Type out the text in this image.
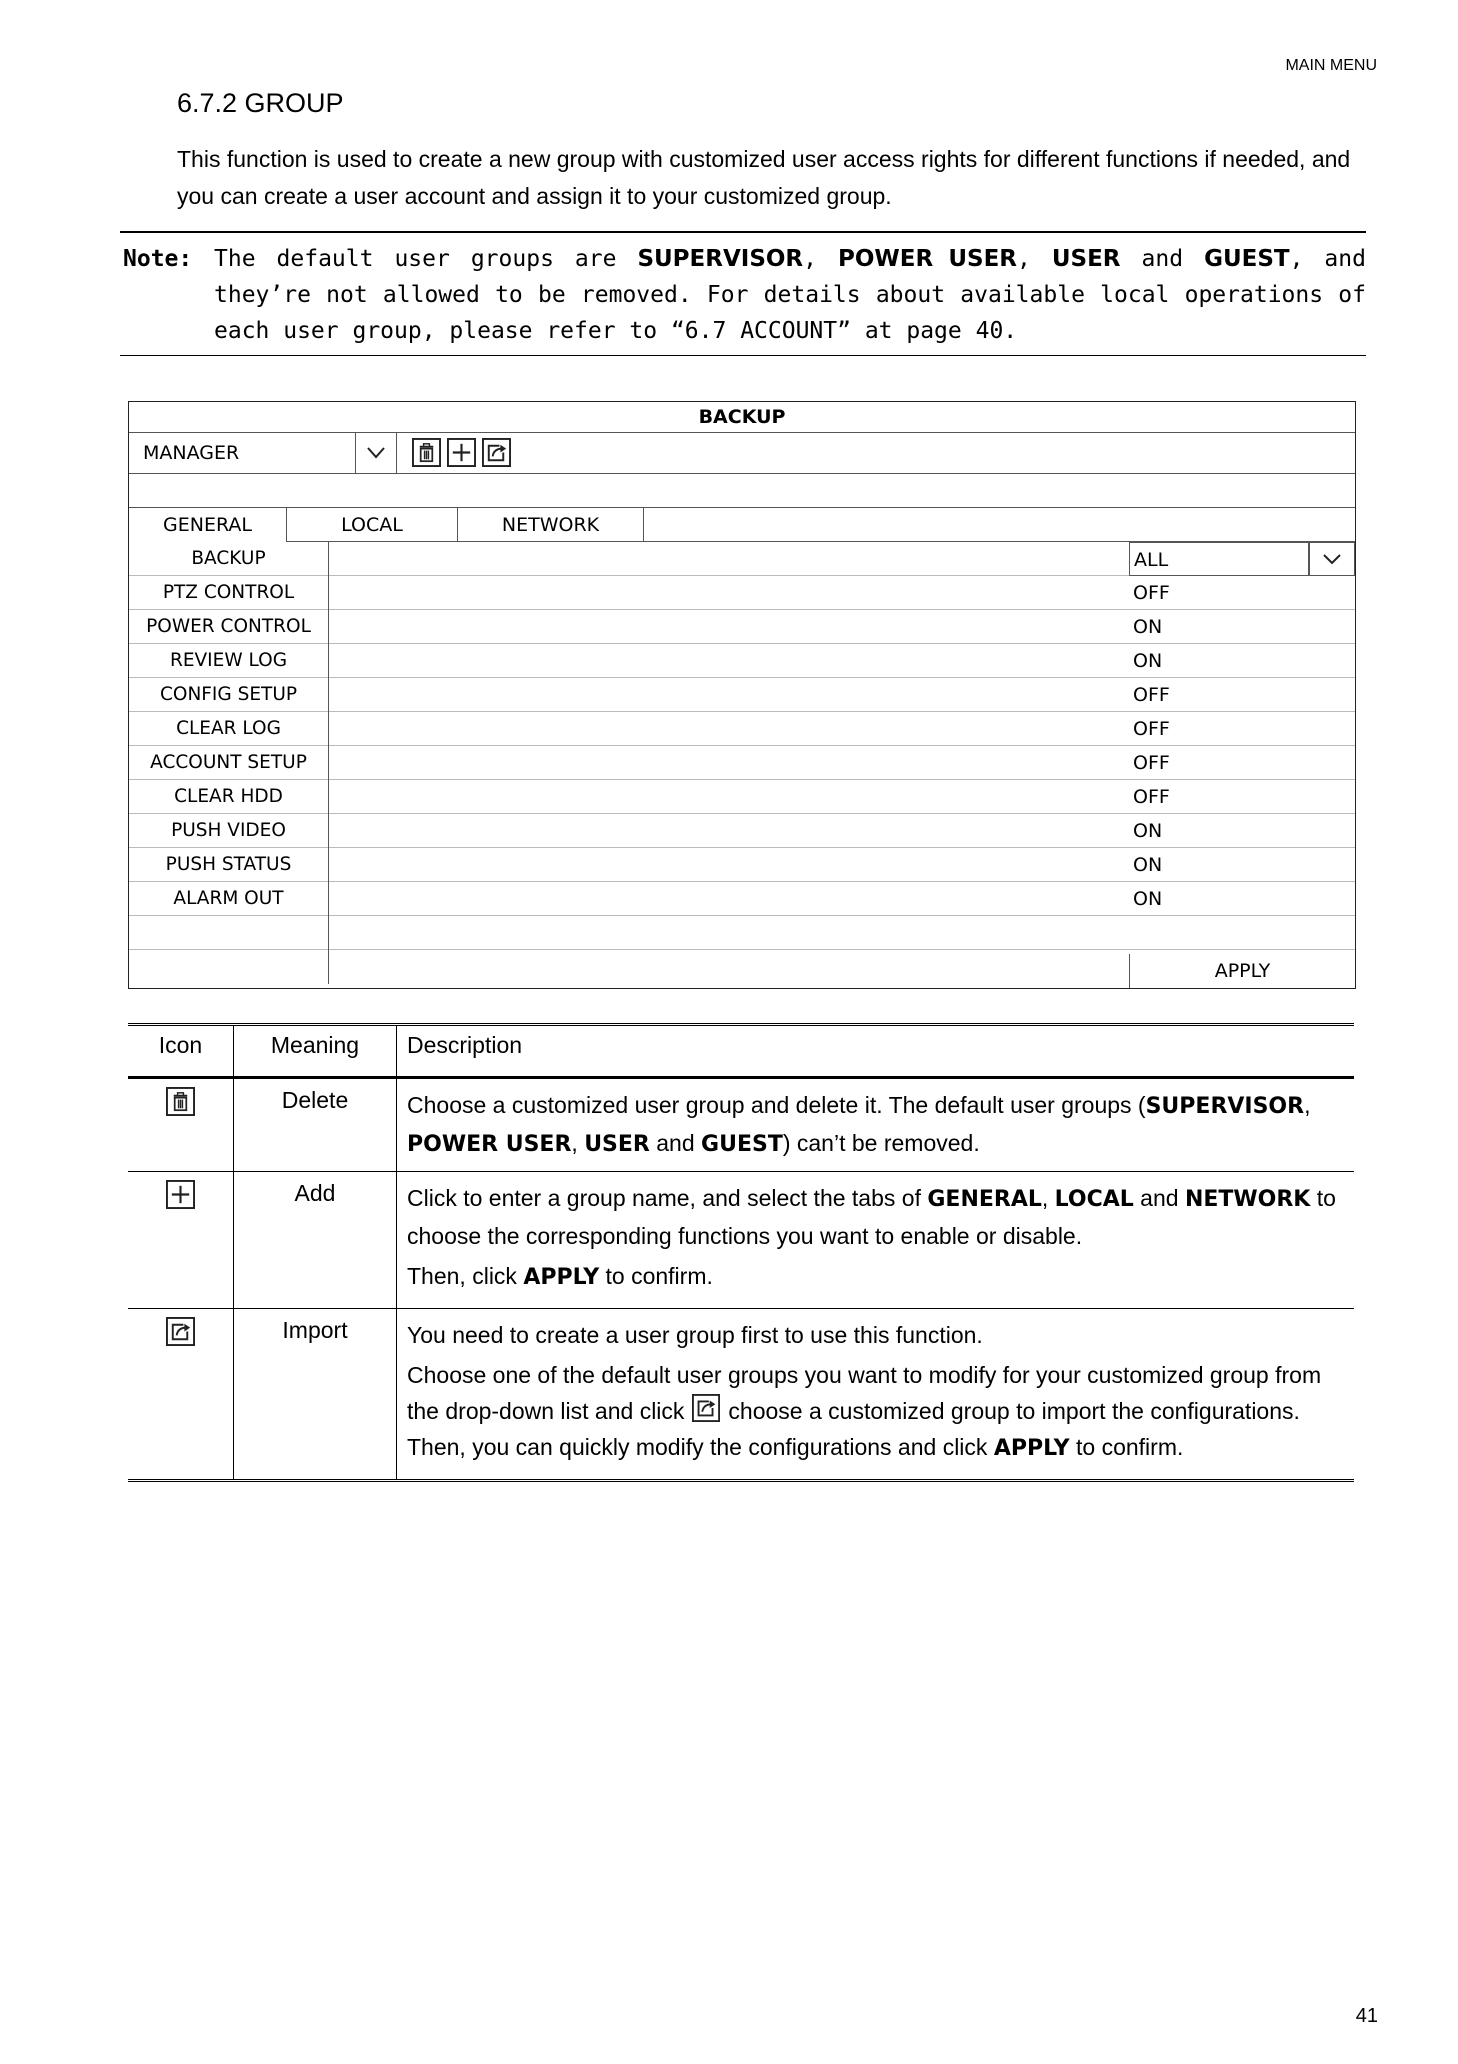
MAIN MENU
6.7.2 GROUP
This function is used to create a new group with customized user access rights for different functions if needed, and you can create a user account and assign it to your customized group.
Note: The default user groups are SUPERVISOR, POWER USER, USER and GUEST, and they’re not allowed to be removed. For details about available local operations of each user group, please refer to “6.7 ACCOUNT” at page 40.
BACKUP
MANAGER
GENERAL	LOCAL	NETWORK
BACKUP	ALL
PTZ CONTROL	OFF
POWER CONTROL	ON
REVIEW LOG	ON
CONFIG SETUP	OFF
CLEAR LOG	OFF
ACCOUNT SETUP	OFF
CLEAR HDD	OFF
PUSH VIDEO	ON
PUSH STATUS	ON
ALARM OUT	ON
APPLY
Icon	Meaning	Description
	Delete	Choose a customized user group and delete it. The default user groups (SUPERVISOR,
POWER USER, USER and GUEST) can’t be removed.
	Add	Click to enter a group name, and select the tabs of GENERAL, LOCAL and NETWORK to choose the corresponding functions you want to enable or disable.

Then, click APPLY to confirm.

	Import	You need to create a user group first to use this function.

Choose one of the default user groups you want to modify for your customized group from the drop-down list and click choose a customized group to import the configurations. Then, you can quickly modify the configurations and click APPLY to confirm.

41
